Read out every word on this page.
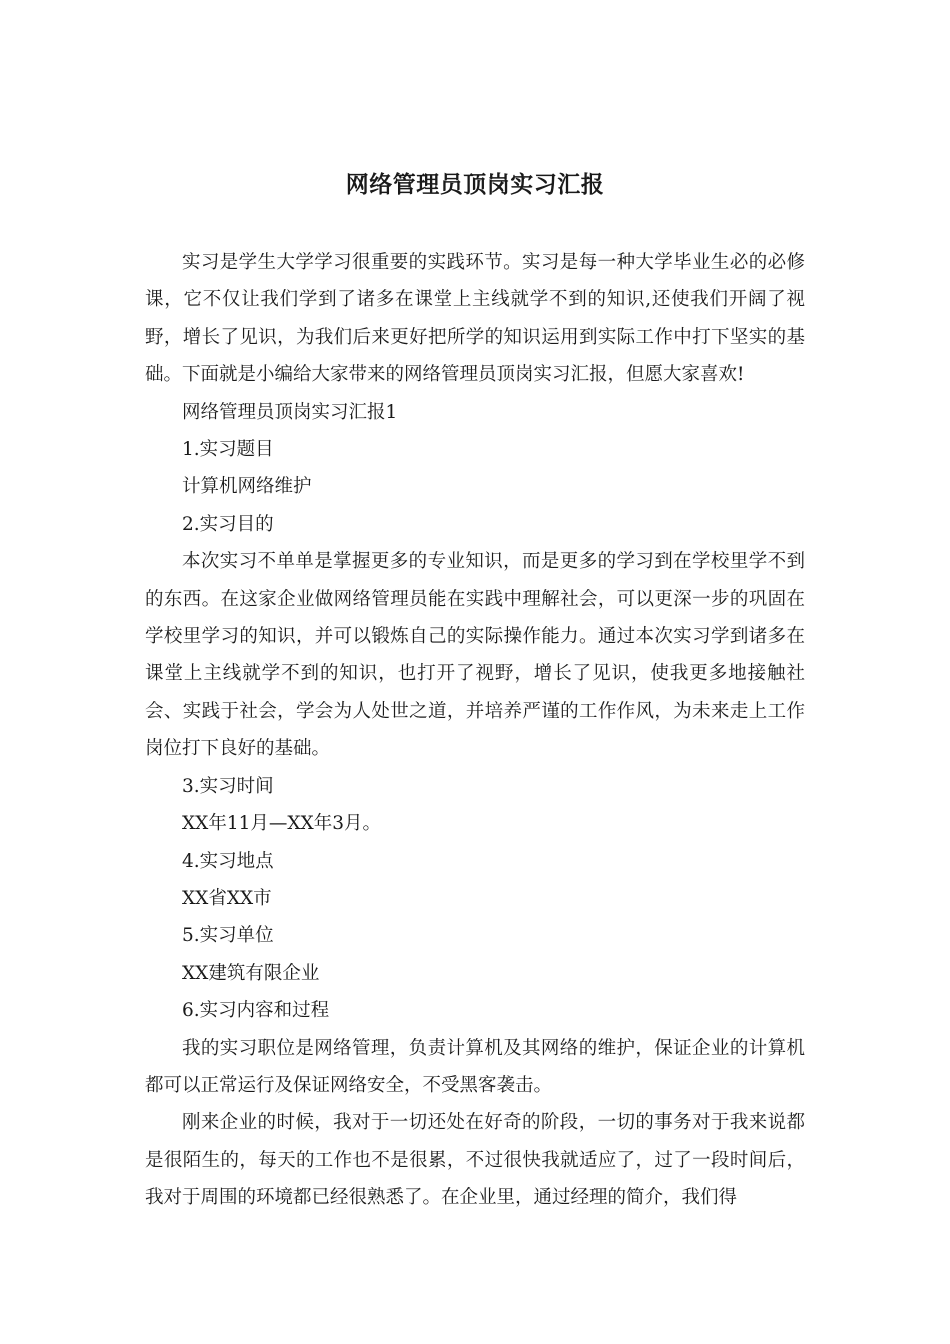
网络管理员顶岗实习汇报

实习是学生大学学习很重要的实践环节。实习是每一种大学毕业生必的必修课，它不仅让我们学到了诸多在课堂上主线就学不到的知识,还使我们开阔了视野，增长了见识，为我们后来更好把所学的知识运用到实际工作中打下坚实的基础。下面就是小编给大家带来的网络管理员顶岗实习汇报，但愿大家喜欢!

网络管理员顶岗实习汇报1

1.实习题目

计算机网络维护

2.实习目的

本次实习不单单是掌握更多的专业知识，而是更多的学习到在学校里学不到的东西。在这家企业做网络管理员能在实践中理解社会，可以更深一步的巩固在学校里学习的知识，并可以锻炼自己的实际操作能力。通过本次实习学到诸多在课堂上主线就学不到的知识，也打开了视野，增长了见识，使我更多地接触社会、实践于社会，学会为人处世之道，并培养严谨的工作作风，为未来走上工作岗位打下良好的基础。

3.实习时间

XX年11月—XX年3月。

4.实习地点

XX省XX市

5.实习单位

XX建筑有限企业

6.实习内容和过程

我的实习职位是网络管理，负责计算机及其网络的维护，保证企业的计算机都可以正常运行及保证网络安全，不受黑客袭击。

刚来企业的时候，我对于一切还处在好奇的阶段，一切的事务对于我来说都是很陌生的，每天的工作也不是很累，不过很快我就适应了，过了一段时间后，我对于周围的环境都已经很熟悉了。在企业里，通过经理的简介，我们得
